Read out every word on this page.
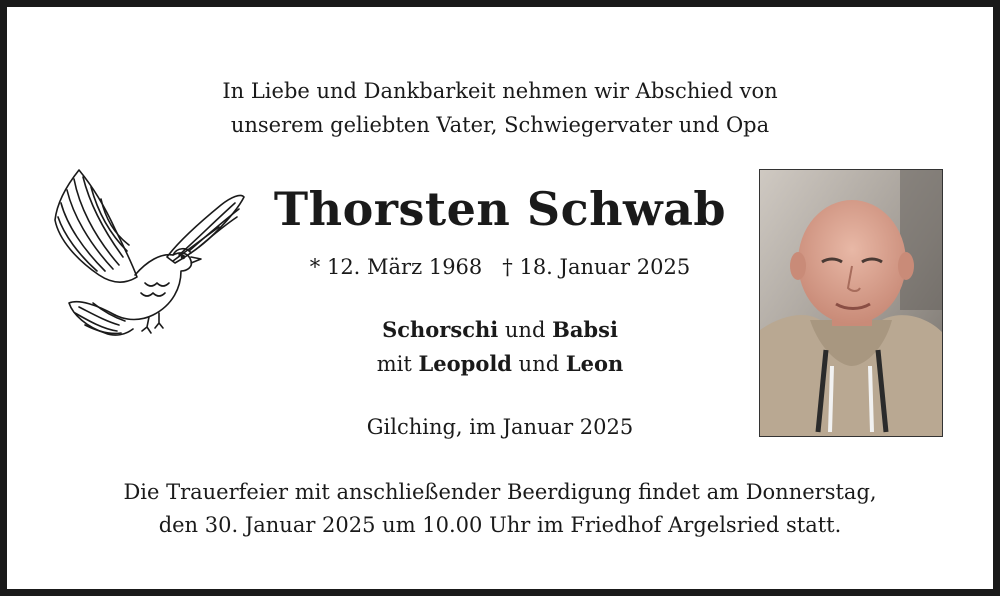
In Liebe und Dankbarkeit nehmen wir Abschied von
unserem geliebten Vater, Schwiegervater und Opa
Thorsten Schwab
* 12. März 1968 † 18. Januar 2025
Schorschi und Babsi
mit Leopold und Leon
Gilching, im Januar 2025
Die Trauerfeier mit anschließender Beerdigung findet am Donnerstag,
den 30. Januar 2025 um 10.00 Uhr im Friedhof Argelsried statt.
